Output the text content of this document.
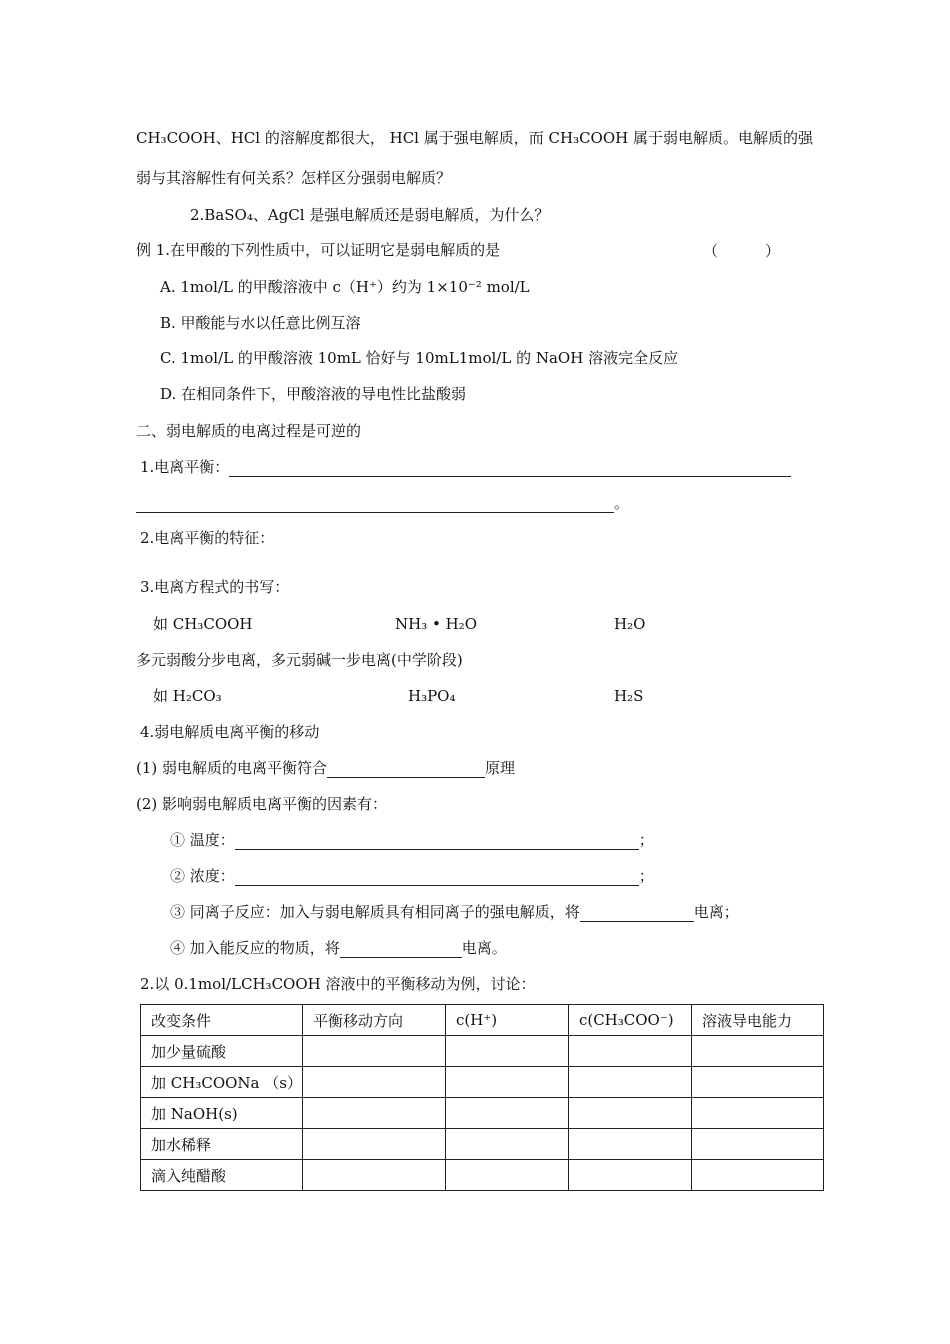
CH₃COOH、HCl 的溶解度都很大， HCl 属于强电解质，而 CH₃COOH 属于弱电解质。电解质的强
弱与其溶解性有何关系？怎样区分强弱电解质？
2.BaSO₄、AgCl 是强电解质还是弱电解质，为什么？
例 1.在甲酸的下列性质中，可以证明它是弱电解质的是	（	）
A. 1mol/L 的甲酸溶液中 c（H⁺）约为 1×10⁻² mol/L
B. 甲酸能与水以任意比例互溶
C. 1mol/L 的甲酸溶液 10mL 恰好与 10mL1mol/L 的 NaOH 溶液完全反应
D. 在相同条件下，甲酸溶液的导电性比盐酸弱
二、弱电解质的电离过程是可逆的
1.电离平衡：
。
2.电离平衡的特征：
3.电离方程式的书写：
如 CH₃COOH	NH₃ • H₂O	H₂O
多元弱酸分步电离，多元弱碱一步电离(中学阶段)
如 H₂CO₃	H₃PO₄	H₂S
4.弱电解质电离平衡的移动
(1) 弱电解质的电离平衡符合	原理
(2) 影响弱电解质电离平衡的因素有：
① 温度：	；
② 浓度：	；
③ 同离子反应：加入与弱电解质具有相同离子的强电解质，将	电离；
④ 加入能反应的物质，将	电离。
2.以 0.1mol/LCH₃COOH 溶液中的平衡移动为例，讨论：
改变条件	平衡移动方向	c(H⁺)	c(CH₃COO⁻)	溶液导电能力
加少量硫酸				
加 CH₃COONa （s）				
加 NaOH(s)				
加水稀释				
滴入纯醋酸				
